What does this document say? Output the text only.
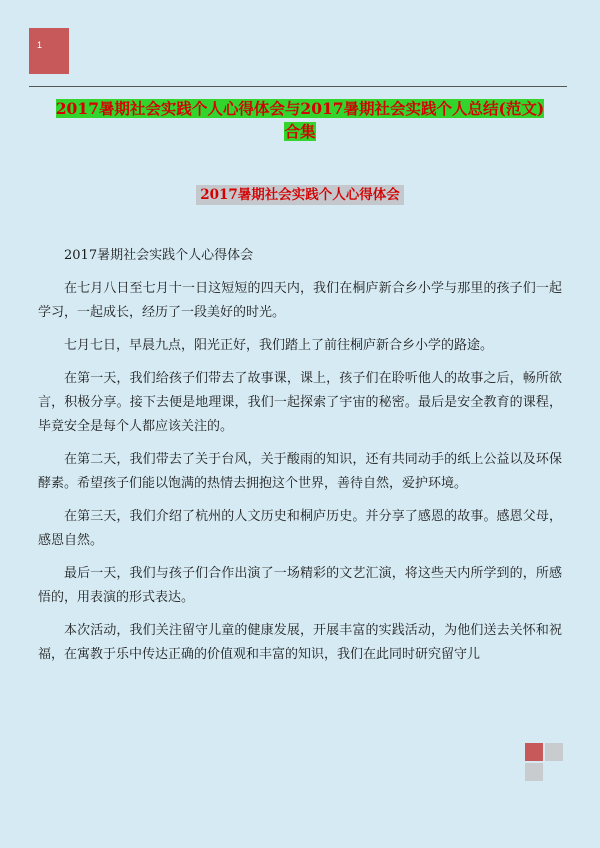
1
2017暑期社会实践个人心得体会与2017暑期社会实践个人总结(范文)
合集
2017暑期社会实践个人心得体会

2017暑期社会实践个人心得体会

在七月八日至七月十一日这短短的四天内，我们在桐庐新合乡小学与那里的孩子们一起学习，一起成长，经历了一段美好的时光。

七月七日，早晨九点，阳光正好，我们踏上了前往桐庐新合乡小学的路途。

在第一天，我们给孩子们带去了故事课，课上，孩子们在聆听他人的故事之后，畅所欲言，积极分享。接下去便是地理课，我们一起探索了宇宙的秘密。最后是安全教育的课程，毕竟安全是每个人都应该关注的。

在第二天，我们带去了关于台风，关于酸雨的知识，还有共同动手的纸上公益以及环保酵素。希望孩子们能以饱满的热情去拥抱这个世界，善待自然，爱护环境。

在第三天，我们介绍了杭州的人文历史和桐庐历史。并分享了感恩的故事。感恩父母，感恩自然。

最后一天，我们与孩子们合作出演了一场精彩的文艺汇演，将这些天内所学到的，所感悟的，用表演的形式表达。

本次活动，我们关注留守儿童的健康发展，开展丰富的实践活动，为他们送去关怀和祝福，在寓教于乐中传达正确的价值观和丰富的知识，我们在此同时研究留守儿
